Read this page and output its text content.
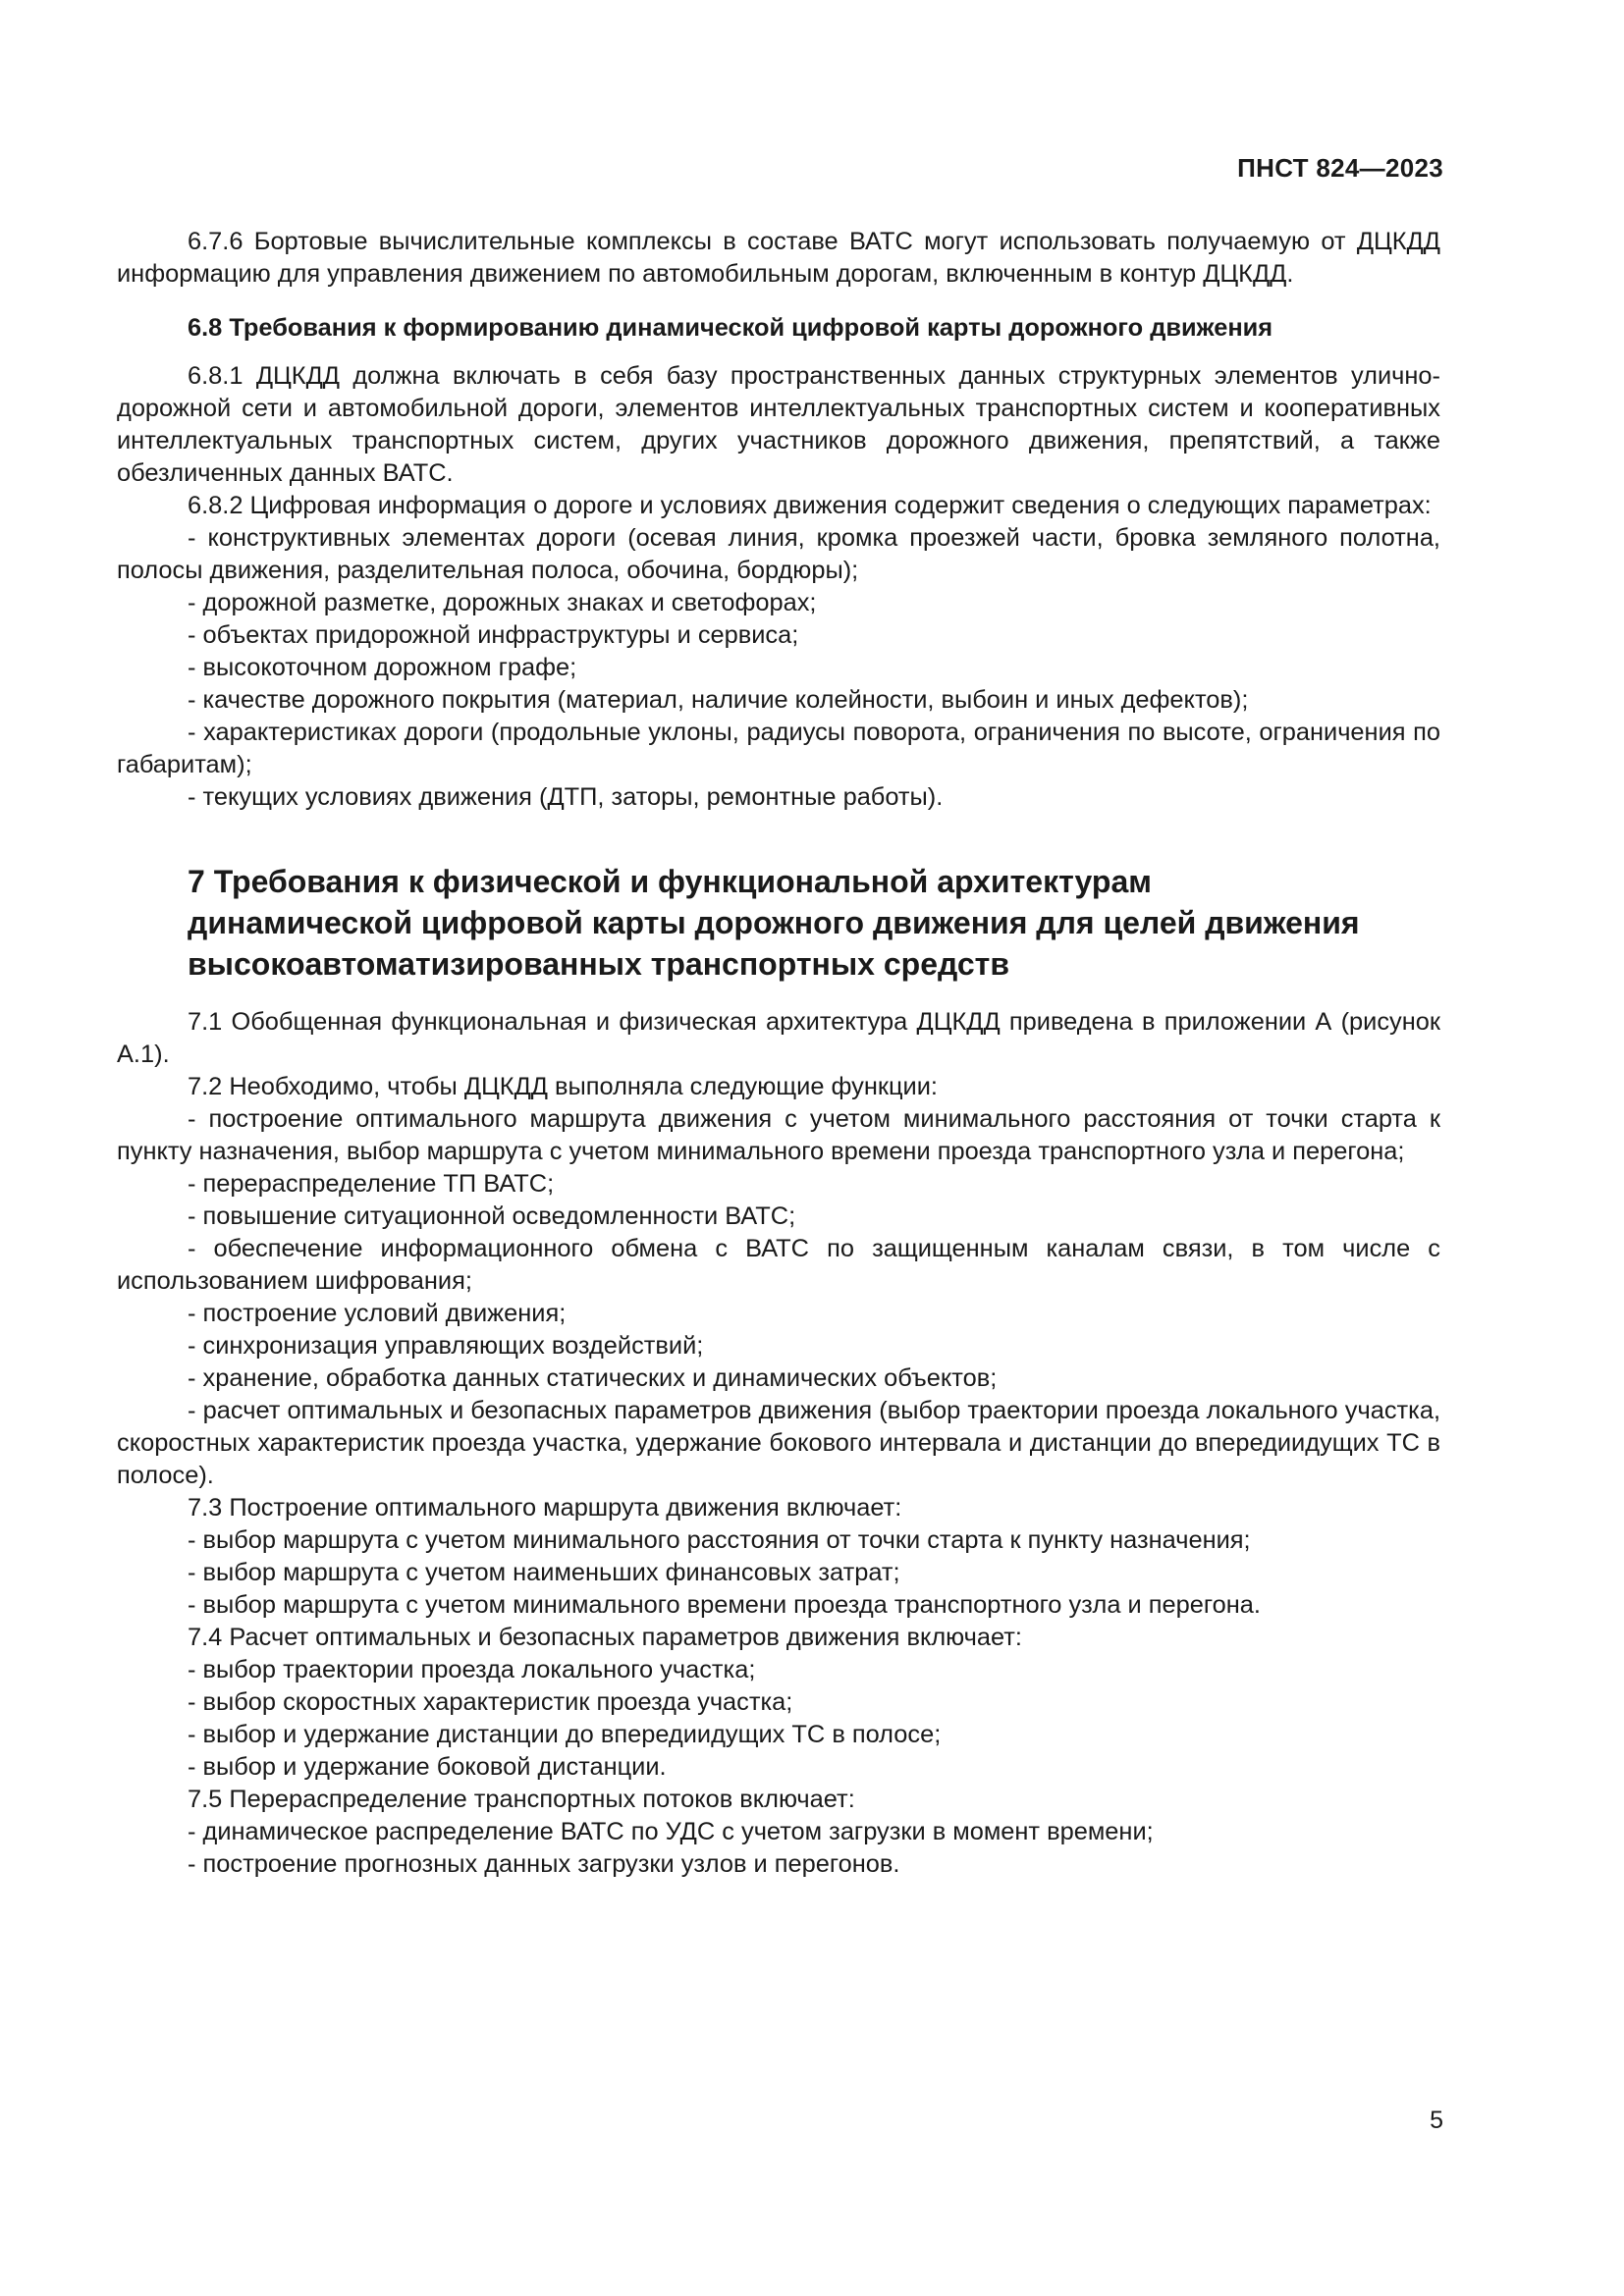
ПНСТ 824—2023

6.7.6 Бортовые вычислительные комплексы в составе ВАТС могут использовать получаемую от ДЦКДД информацию для управления движением по автомобильным дорогам, включенным в контур ДЦКДД.

6.8 Требования к формированию динамической цифровой карты дорожного движения

6.8.1 ДЦКДД должна включать в себя базу пространственных данных структурных элементов улично-дорожной сети и автомобильной дороги, элементов интеллектуальных транспортных систем и кооперативных интеллектуальных транспортных систем, других участников дорожного движения, препятствий, а также обезличенных данных ВАТС.

6.8.2 Цифровая информация о дороге и условиях движения содержит сведения о следующих параметрах:

- конструктивных элементах дороги (осевая линия, кромка проезжей части, бровка земляного полотна, полосы движения, разделительная полоса, обочина, бордюры);

- дорожной разметке, дорожных знаках и светофорах;

- объектах придорожной инфраструктуры и сервиса;

- высокоточном дорожном графе;

- качестве дорожного покрытия (материал, наличие колейности, выбоин и иных дефектов);

- характеристиках дороги (продольные уклоны, радиусы поворота, ограничения по высоте, ограничения по габаритам);

- текущих условиях движения (ДТП, заторы, ремонтные работы).

7 Требования к физической и функциональной архитектурам
динамической цифровой карты дорожного движения для целей движения
высокоавтоматизированных транспортных средств

7.1 Обобщенная функциональная и физическая архитектура ДЦКДД приведена в приложении А (рисунок А.1).

7.2 Необходимо, чтобы ДЦКДД выполняла следующие функции:

- построение оптимального маршрута движения с учетом минимального расстояния от точки старта к пункту назначения, выбор маршрута с учетом минимального времени проезда транспортного узла и перегона;

- перераспределение ТП ВАТС;

- повышение ситуационной осведомленности ВАТС;

- обеспечение информационного обмена с ВАТС по защищенным каналам связи, в том числе с использованием шифрования;

- построение условий движения;

- синхронизация управляющих воздействий;

- хранение, обработка данных статических и динамических объектов;

- расчет оптимальных и безопасных параметров движения (выбор траектории проезда локального участка, скоростных характеристик проезда участка, удержание бокового интервала и дистанции до впередиидущих ТС в полосе).

7.3 Построение оптимального маршрута движения включает:

- выбор маршрута с учетом минимального расстояния от точки старта к пункту назначения;

- выбор маршрута с учетом наименьших финансовых затрат;

- выбор маршрута с учетом минимального времени проезда транспортного узла и перегона.

7.4 Расчет оптимальных и безопасных параметров движения включает:

- выбор траектории проезда локального участка;

- выбор скоростных характеристик проезда участка;

- выбор и удержание дистанции до впередиидущих ТС в полосе;

- выбор и удержание боковой дистанции.

7.5 Перераспределение транспортных потоков включает:

- динамическое распределение ВАТС по УДС с учетом загрузки в момент времени;

- построение прогнозных данных загрузки узлов и перегонов.

5
